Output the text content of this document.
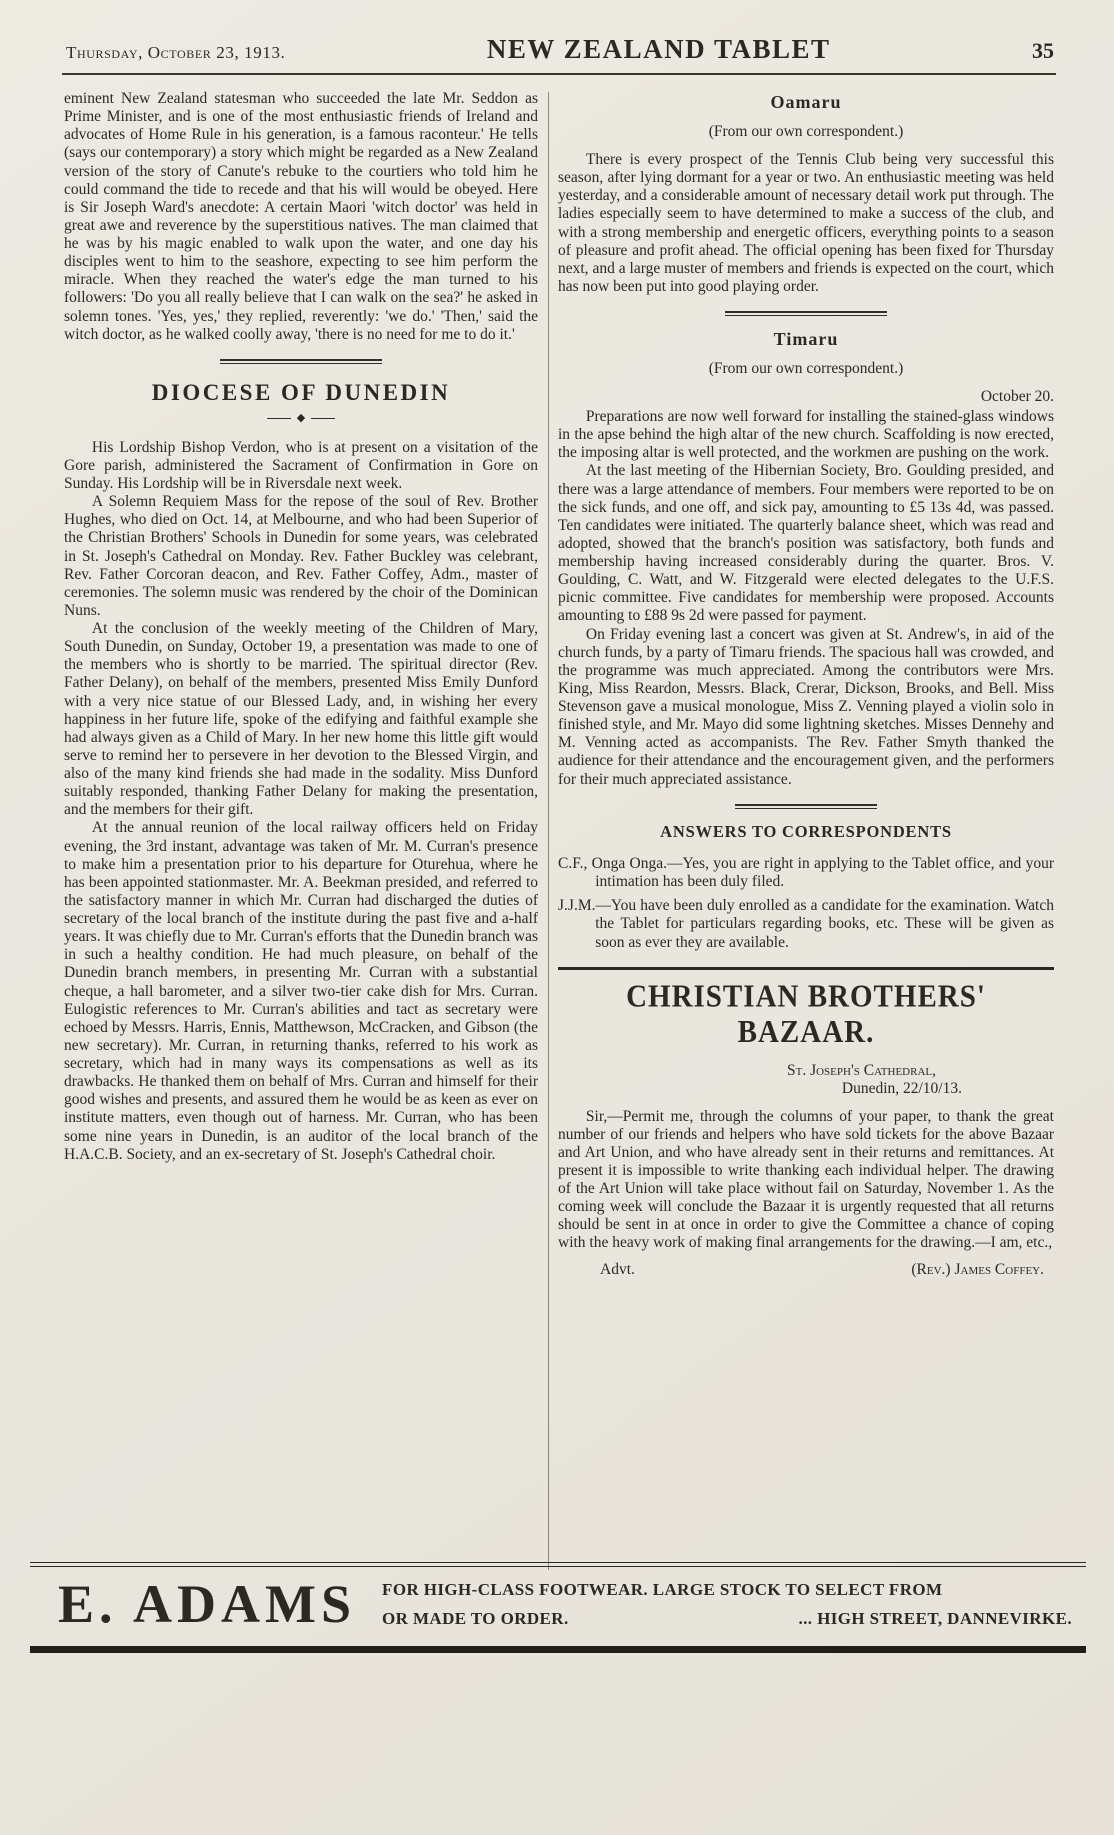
Thursday, October 23, 1913.	NEW ZEALAND TABLET	35

eminent New Zealand statesman who succeeded the late Mr. Seddon as Prime Minister, and is one of the most enthusiastic friends of Ireland and advocates of Home Rule in his generation, is a famous raconteur.' He tells (says our contemporary) a story which might be regarded as a New Zealand version of the story of Canute's rebuke to the courtiers who told him he could command the tide to recede and that his will would be obeyed. Here is Sir Joseph Ward's anecdote: A certain Maori 'witch doctor' was held in great awe and reverence by the superstitious natives. The man claimed that he was by his magic enabled to walk upon the water, and one day his disciples went to him to the seashore, expecting to see him perform the miracle. When they reached the water's edge the man turned to his followers: 'Do you all really believe that I can walk on the sea?' he asked in solemn tones. 'Yes, yes,' they replied, reverently: 'we do.' 'Then,' said the witch doctor, as he walked coolly away, 'there is no need for me to do it.'

DIOCESE OF DUNEDIN
◆

His Lordship Bishop Verdon, who is at present on a visitation of the Gore parish, administered the Sacrament of Confirmation in Gore on Sunday. His Lordship will be in Riversdale next week.

A Solemn Requiem Mass for the repose of the soul of Rev. Brother Hughes, who died on Oct. 14, at Melbourne, and who had been Superior of the Christian Brothers' Schools in Dunedin for some years, was celebrated in St. Joseph's Cathedral on Monday. Rev. Father Buckley was celebrant, Rev. Father Corcoran deacon, and Rev. Father Coffey, Adm., master of ceremonies. The solemn music was rendered by the choir of the Dominican Nuns.

At the conclusion of the weekly meeting of the Children of Mary, South Dunedin, on Sunday, October 19, a presentation was made to one of the members who is shortly to be married. The spiritual director (Rev. Father Delany), on behalf of the members, presented Miss Emily Dunford with a very nice statue of our Blessed Lady, and, in wishing her every happiness in her future life, spoke of the edifying and faithful example she had always given as a Child of Mary. In her new home this little gift would serve to remind her to persevere in her devotion to the Blessed Virgin, and also of the many kind friends she had made in the sodality. Miss Dunford suitably responded, thanking Father Delany for making the presentation, and the members for their gift.

At the annual reunion of the local railway officers held on Friday evening, the 3rd instant, advantage was taken of Mr. M. Curran's presence to make him a presentation prior to his departure for Oturehua, where he has been appointed stationmaster. Mr. A. Beekman presided, and referred to the satisfactory manner in which Mr. Curran had discharged the duties of secretary of the local branch of the institute during the past five and a-half years. It was chiefly due to Mr. Curran's efforts that the Dunedin branch was in such a healthy condition. He had much pleasure, on behalf of the Dunedin branch members, in presenting Mr. Curran with a substantial cheque, a hall barometer, and a silver two-tier cake dish for Mrs. Curran. Eulogistic references to Mr. Curran's abilities and tact as secretary were echoed by Messrs. Harris, Ennis, Matthewson, McCracken, and Gibson (the new secretary). Mr. Curran, in returning thanks, referred to his work as secretary, which had in many ways its compensations as well as its drawbacks. He thanked them on behalf of Mrs. Curran and himself for their good wishes and presents, and assured them he would be as keen as ever on institute matters, even though out of harness. Mr. Curran, who has been some nine years in Dunedin, is an auditor of the local branch of the H.A.C.B. Society, and an ex-secretary of St. Joseph's Cathedral choir.

Oamaru

(From our own correspondent.)

There is every prospect of the Tennis Club being very successful this season, after lying dormant for a year or two. An enthusiastic meeting was held yesterday, and a considerable amount of necessary detail work put through. The ladies especially seem to have determined to make a success of the club, and with a strong membership and energetic officers, everything points to a season of pleasure and profit ahead. The official opening has been fixed for Thursday next, and a large muster of members and friends is expected on the court, which has now been put into good playing order.

Timaru

(From our own correspondent.)

October 20.

Preparations are now well forward for installing the stained-glass windows in the apse behind the high altar of the new church. Scaffolding is now erected, the imposing altar is well protected, and the workmen are pushing on the work.

At the last meeting of the Hibernian Society, Bro. Goulding presided, and there was a large attendance of members. Four members were reported to be on the sick funds, and one off, and sick pay, amounting to £5 13s 4d, was passed. Ten candidates were initiated. The quarterly balance sheet, which was read and adopted, showed that the branch's position was satisfactory, both funds and membership having increased considerably during the quarter. Bros. V. Goulding, C. Watt, and W. Fitzgerald were elected delegates to the U.F.S. picnic committee. Five candidates for membership were proposed. Accounts amounting to £88 9s 2d were passed for payment.

On Friday evening last a concert was given at St. Andrew's, in aid of the church funds, by a party of Timaru friends. The spacious hall was crowded, and the programme was much appreciated. Among the contributors were Mrs. King, Miss Reardon, Messrs. Black, Crerar, Dickson, Brooks, and Bell. Miss Stevenson gave a musical monologue, Miss Z. Venning played a violin solo in finished style, and Mr. Mayo did some lightning sketches. Misses Dennehy and M. Venning acted as accompanists. The Rev. Father Smyth thanked the audience for their attendance and the encouragement given, and the performers for their much appreciated assistance.

ANSWERS TO CORRESPONDENTS

C.F., Onga Onga.—Yes, you are right in applying to the Tablet office, and your intimation has been duly filed.

J.J.M.—You have been duly enrolled as a candidate for the examination. Watch the Tablet for particulars regarding books, etc. These will be given as soon as ever they are available.

CHRISTIAN BROTHERS' BAZAAR.

St. Joseph's Cathedral,

Dunedin, 22/10/13.

Sir,—Permit me, through the columns of your paper, to thank the great number of our friends and helpers who have sold tickets for the above Bazaar and Art Union, and who have already sent in their returns and remittances. At present it is impossible to write thanking each individual helper. The drawing of the Art Union will take place without fail on Saturday, November 1. As the coming week will conclude the Bazaar it is urgently requested that all returns should be sent in at once in order to give the Committee a chance of coping with the heavy work of making final arrangements for the drawing.—I am, etc.,

Advt.	(Rev.) James Coffey.
E. ADAMS FOR HIGH-CLASS FOOTWEAR. LARGE STOCK TO SELECT FROM
OR MADE TO ORDER.	... HIGH STREET, DANNEVIRKE.
